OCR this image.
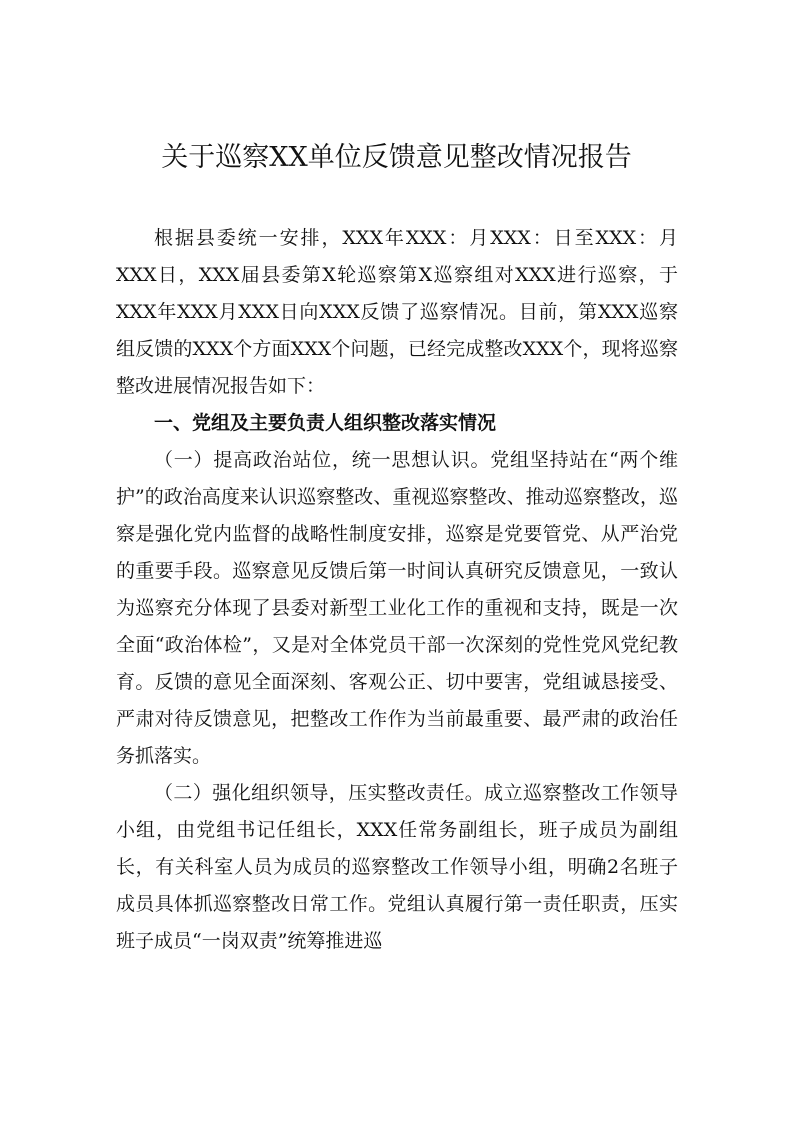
关于巡察XX单位反馈意见整改情况报告

根据县委统一安排，XXX年XXX：月XXX：日至XXX：月XXX日，XXX届县委第X轮巡察第X巡察组对XXX进行巡察，于XXX年XXX月XXX日向XXX反馈了巡察情况。目前，第XXX巡察组反馈的XXX个方面XXX个问题，已经完成整改XXX个，现将巡察整改进展情况报告如下：

一、党组及主要负责人组织整改落实情况

（一）提高政治站位，统一思想认识。党组坚持站在“两个维护”的政治高度来认识巡察整改、重视巡察整改、推动巡察整改，巡察是强化党内监督的战略性制度安排，巡察是党要管党、从严治党的重要手段。巡察意见反馈后第一时间认真研究反馈意见，一致认为巡察充分体现了县委对新型工业化工作的重视和支持，既是一次全面“政治体检”，又是对全体党员干部一次深刻的党性党风党纪教育。反馈的意见全面深刻、客观公正、切中要害，党组诚恳接受、严肃对待反馈意见，把整改工作作为当前最重要、最严肃的政治任务抓落实。

（二）强化组织领导，压实整改责任。成立巡察整改工作领导小组，由党组书记任组长，XXX任常务副组长，班子成员为副组长，有关科室人员为成员的巡察整改工作领导小组，明确2名班子成员具体抓巡察整改日常工作。党组认真履行第一责任职责，压实班子成员“一岗双责”统筹推进巡
